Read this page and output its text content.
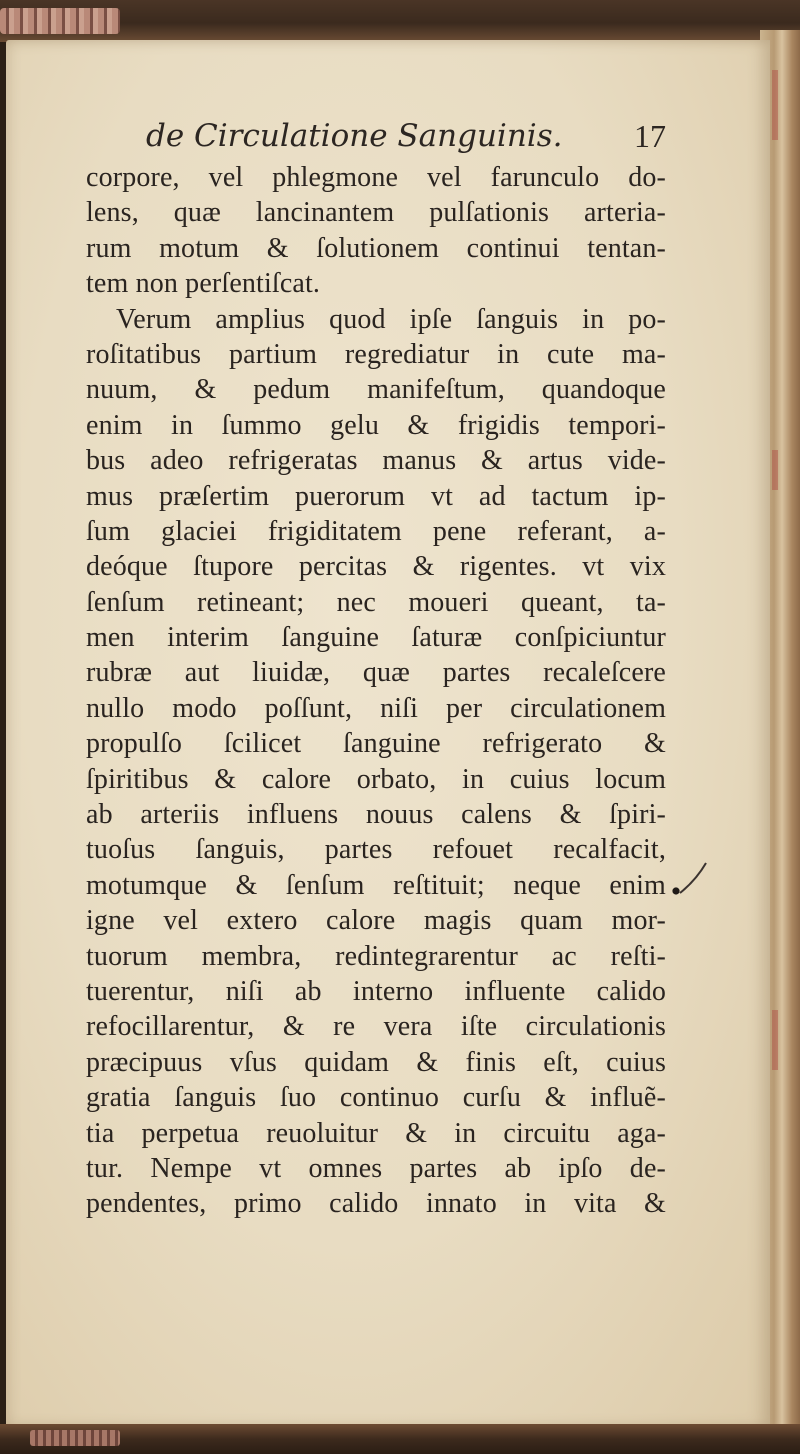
de Circulatione Sanguinis. 17
corpore, vel phlegmone vel farunculo do-
lens, quæ lancinantem pulſationis arteria-
rum motum & ſolutionem continui tentan-
tem non perſentiſcat.
Verum amplius quod ipſe ſanguis in po-
roſitatibus partium regrediatur in cute ma-
nuum, & pedum manifeſtum, quandoque
enim in ſummo gelu & frigidis tempori-
bus adeo refrigeratas manus & artus vide-
mus præſertim puerorum vt ad tactum ip-
ſum glaciei frigiditatem pene referant, a-
deóque ſtupore percitas & rigentes. vt vix
ſenſum retineant; nec moueri queant, ta-
men interim ſanguine ſaturæ conſpiciuntur
rubræ aut liuidæ, quæ partes recaleſcere
nullo modo poſſunt, niſi per circulationem
propulſo ſcilicet ſanguine refrigerato &
ſpiritibus & calore orbato, in cuius locum
ab arteriis influens nouus calens & ſpiri-
tuoſus ſanguis, partes refouet recalfacit,
motumque & ſenſum reſtituit; neque enim
igne vel extero calore magis quam mor-
tuorum membra, redintegrarentur ac reſti-
tuerentur, niſi ab interno influente calido
refocillarentur, & re vera iſte circulationis
præcipuus vſus quidam & finis eſt, cuius
gratia ſanguis ſuo continuo curſu & influẽ-
tia perpetua reuoluitur & in circuitu aga-
tur. Nempe vt omnes partes ab ipſo de-
pendentes, primo calido innato in vita &
